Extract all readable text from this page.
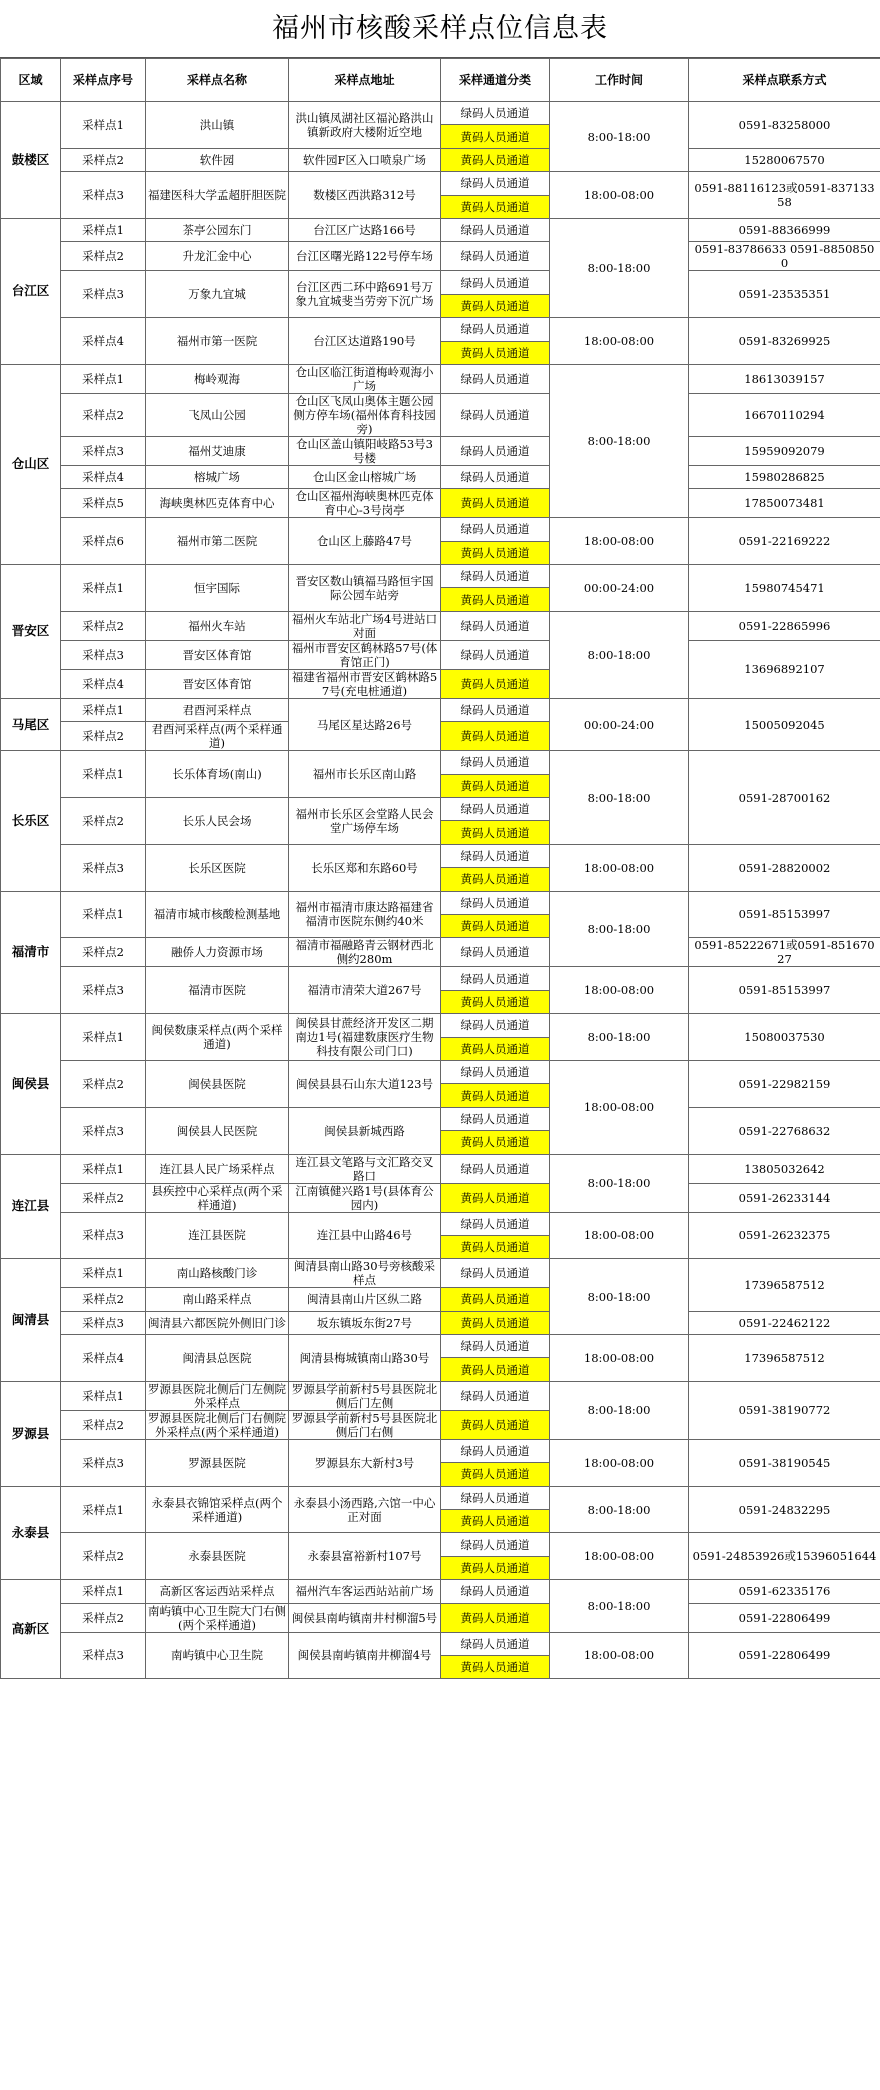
福州市核酸采样点位信息表
区域	采样点序号	采样点名称	采样点地址	采样通道分类	工作时间	采样点联系方式
鼓楼区	采样点1	洪山镇	洪山镇凤湖社区福沁路洪山镇新政府大楼附近空地	绿码人员通道	8:00-18:00	0591-83258000
				黄码人员通道		
	采样点2	软件园	软件园F区入口喷泉广场	黄码人员通道		15280067570
	采样点3	福建医科大学孟超肝胆医院	数楼区西洪路312号	绿码人员通道	18:00-08:00	0591-88116123或0591-83713358
				黄码人员通道		
台江区	采样点1	茶亭公园东门	台江区广达路166号	绿码人员通道	8:00-18:00	0591-88366999
	采样点2	升龙汇金中心	台江区曙光路122号停车场	绿码人员通道		0591-83786633 0591-88508500
	采样点3	万象九宜城	台江区西二环中路691号万象九宜城斐当劳旁下沉广场	绿码人员通道		0591-23535351
				黄码人员通道		
	采样点4	福州市第一医院	台江区达道路190号	绿码人员通道	18:00-08:00	0591-83269925
				黄码人员通道		
仓山区	采样点1	梅岭观海	仓山区临江街道梅岭观海小广场	绿码人员通道	8:00-18:00	18613039157
	采样点2	飞凤山公园	仓山区飞凤山奥体主题公园侧方停车场(福州体育科技园旁)	绿码人员通道		16670110294
	采样点3	福州艾迪康	仓山区盖山镇阳岐路53号3号楼	绿码人员通道		15959092079
	采样点4	榕城广场	仓山区金山榕城广场	绿码人员通道		15980286825
	采样点5	海峡奥林匹克体育中心	仓山区福州海峡奥林匹克体育中心-3号岗亭	黄码人员通道		17850073481
	采样点6	福州市第二医院	仓山区上藤路47号	绿码人员通道	18:00-08:00	0591-22169222
				黄码人员通道		
晋安区	采样点1	恒宇国际	晋安区数山镇福马路恒宇国际公园车站旁	绿码人员通道	00:00-24:00	15980745471
				黄码人员通道		
	采样点2	福州火车站	福州火车站北广场4号进站口对面	绿码人员通道	8:00-18:00	0591-22865996
	采样点3	晋安区体育馆	福州市晋安区鹤林路57号(体育馆正门)	绿码人员通道		13696892107
	采样点4	晋安区体育馆	福建省福州市晋安区鹤林路57号(充电桩通道)	黄码人员通道		
马尾区	采样点1	君酉河采样点	马尾区星达路26号	绿码人员通道	00:00-24:00	15005092045
	采样点2	君酉河采样点(两个采样通道)		黄码人员通道		
长乐区	采样点1	长乐体育场(南山)	福州市长乐区南山路	绿码人员通道	8:00-18:00	0591-28700162
				黄码人员通道		
	采样点2	长乐人民会场	福州市长乐区会堂路人民会堂广场停车场	绿码人员通道		
				黄码人员通道		
	采样点3	长乐区医院	长乐区郑和东路60号	绿码人员通道	18:00-08:00	0591-28820002
				黄码人员通道		
福清市	采样点1	福清市城市核酸检测基地	福州市福清市康达路福建省福清市医院东侧约40米	绿码人员通道	8:00-18:00	0591-85153997
				黄码人员通道		
	采样点2	融侨人力资源市场	福清市福融路青云钢材西北侧约280m	绿码人员通道		0591-85222671或0591-85167027
	采样点3	福清市医院	福清市清荣大道267号	绿码人员通道	18:00-08:00	0591-85153997
				黄码人员通道		
闽侯县	采样点1	闽侯数康采样点(两个采样通道)	闽侯县甘蔗经济开发区二期南边1号(福建数康医疗生物科技有限公司门口)	绿码人员通道	8:00-18:00	15080037530
				黄码人员通道		
	采样点2	闽侯县医院	闽侯县县石山东大道123号	绿码人员通道	18:00-08:00	0591-22982159
				黄码人员通道		
	采样点3	闽侯县人民医院	闽侯县新城西路	绿码人员通道		0591-22768632
				黄码人员通道		
连江县	采样点1	连江县人民广场采样点	连江县文笔路与文汇路交叉路口	绿码人员通道	8:00-18:00	13805032642
	采样点2	县疾控中心采样点(两个采样通道)	江南镇健兴路1号(县体育公园内)	黄码人员通道		0591-26233144
	采样点3	连江县医院	连江县中山路46号	绿码人员通道	18:00-08:00	0591-26232375
				黄码人员通道		
闽清县	采样点1	南山路核酸门诊	闽清县南山路30号旁核酸采样点	绿码人员通道	8:00-18:00	17396587512
	采样点2	南山路采样点	闽清县南山片区纵二路	黄码人员通道		
	采样点3	闽清县六都医院外侧旧门诊	坂东镇坂东街27号	黄码人员通道		0591-22462122
	采样点4	闽清县总医院	闽清县梅城镇南山路30号	绿码人员通道	18:00-08:00	17396587512
				黄码人员通道		
罗源县	采样点1	罗源县医院北侧后门左侧院外采样点	罗源县学前新村5号县医院北侧后门左侧	绿码人员通道	8:00-18:00	0591-38190772
	采样点2	罗源县医院北侧后门右侧院外采样点(两个采样通道)	罗源县学前新村5号县医院北侧后门右侧	黄码人员通道		
	采样点3	罗源县医院	罗源县东大新村3号	绿码人员通道	18:00-08:00	0591-38190545
				黄码人员通道		
永泰县	采样点1	永泰县衣锦馆采样点(两个采样通道)	永泰县小汤西路,六馆一中心正对面	绿码人员通道	8:00-18:00	0591-24832295
				黄码人员通道		
	采样点2	永泰县医院	永泰县富裕新村107号	绿码人员通道	18:00-08:00	0591-24853926或15396051644
				黄码人员通道		
高新区	采样点1	高新区客运西站采样点	福州汽车客运西站站前广场	绿码人员通道	8:00-18:00	0591-62335176
	采样点2	南屿镇中心卫生院大门右侧(两个采样通道)	闽侯县南屿镇南井村柳溜5号	黄码人员通道		0591-22806499
	采样点3	南屿镇中心卫生院	闽侯县南屿镇南井柳溜4号	绿码人员通道	18:00-08:00	0591-22806499
				黄码人员通道		
